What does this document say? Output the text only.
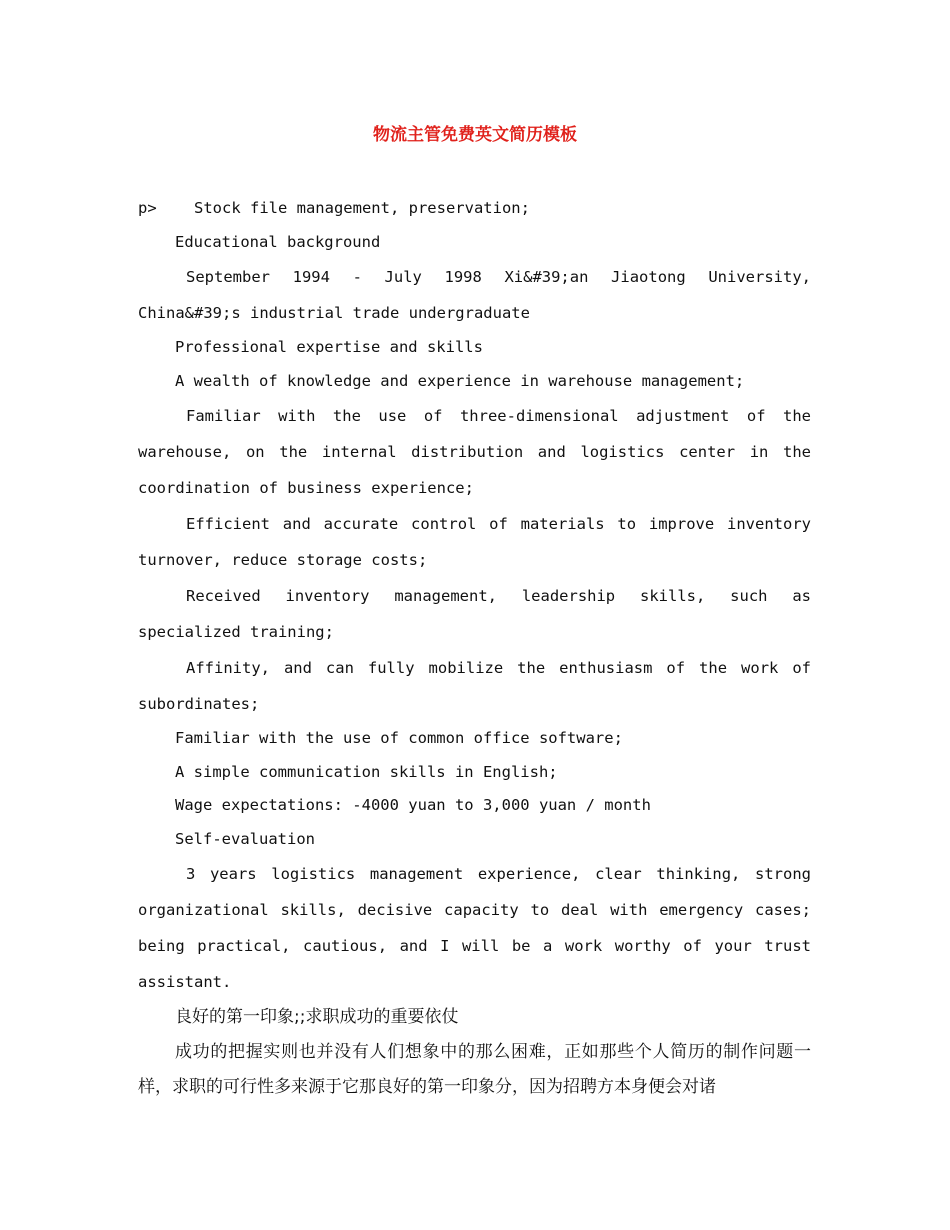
物流主管免费英文简历模板

p>    Stock file management, preservation;

Educational background

September 1994 - July 1998 Xi&#39;an Jiaotong University, China&#39;s industrial trade undergraduate

Professional expertise and skills

A wealth of knowledge and experience in warehouse management;

Familiar with the use of three-dimensional adjustment of the warehouse, on the internal distribution and logistics center in the coordination of business experience;

Efficient and accurate control of materials to improve inventory turnover, reduce storage costs;

Received inventory management, leadership skills, such as specialized training;

Affinity, and can fully mobilize the enthusiasm of the work of subordinates;

Familiar with the use of common office software;

A simple communication skills in English;

Wage expectations: -4000 yuan to 3,000 yuan / month

Self-evaluation

3 years logistics management experience, clear thinking, strong organizational skills, decisive capacity to deal with emergency cases; being practical, cautious, and I will be a work worthy of your trust assistant.

良好的第一印象;;求职成功的重要依仗

成功的把握实则也并没有人们想象中的那么困难，正如那些个人简历的制作问题一样，求职的可行性多来源于它那良好的第一印象分，因为招聘方本身便会对诸
